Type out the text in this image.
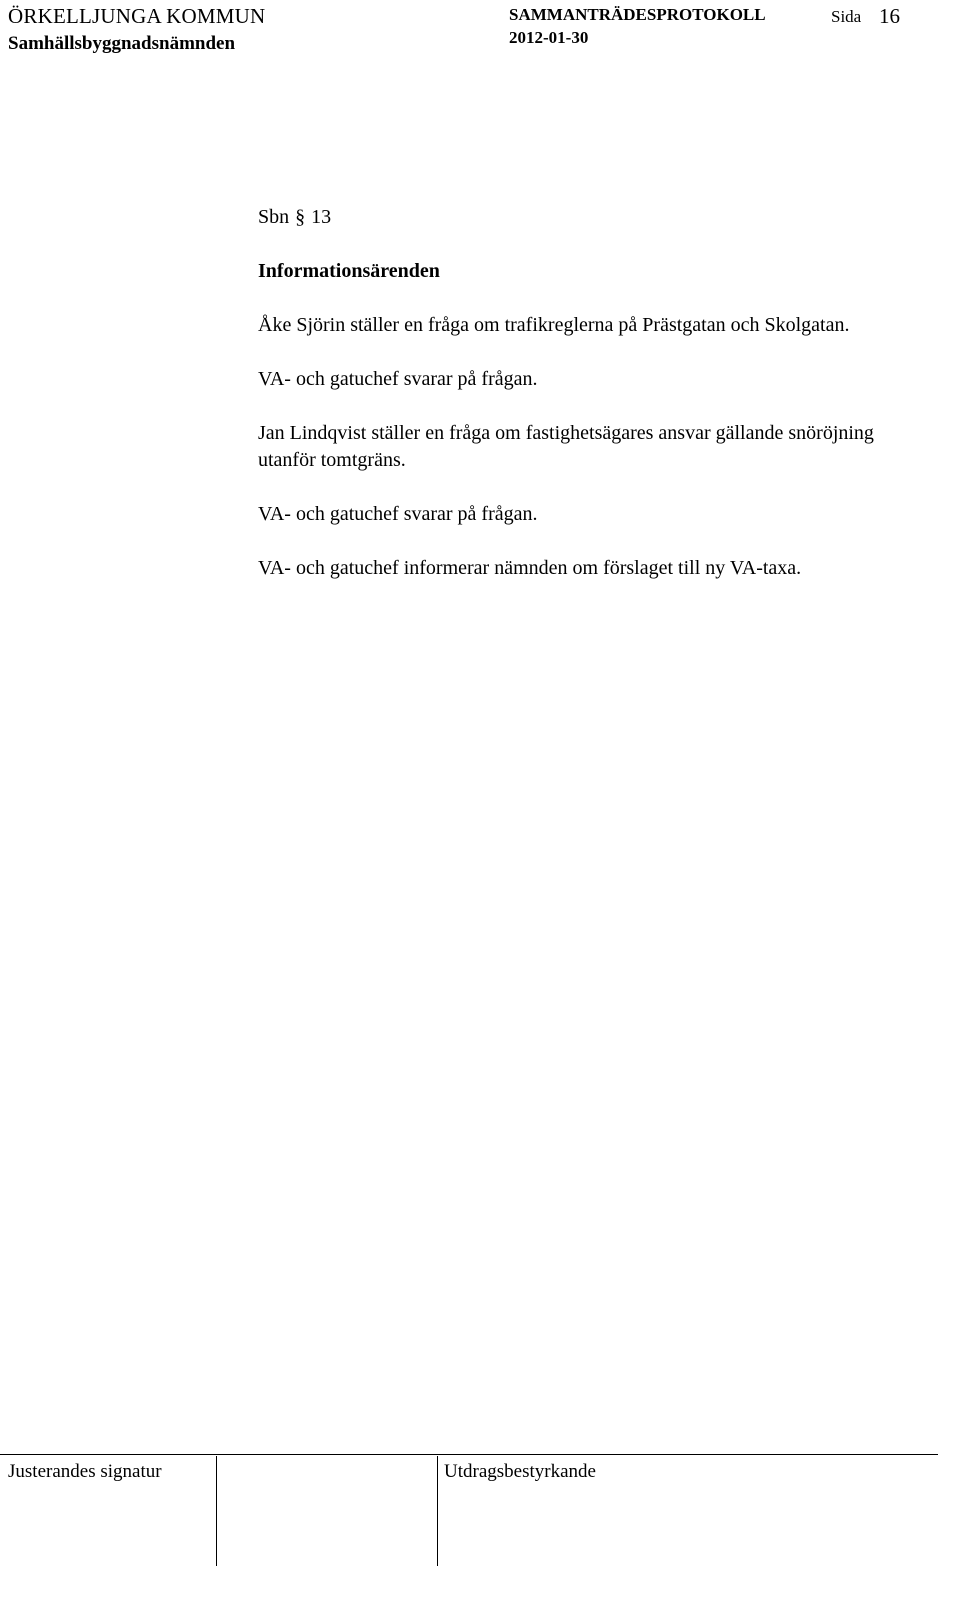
ÖRKELLJUNGA KOMMUN
Samhällsbyggnadsnämnden
SAMMANTRÄDESPROTOKOLL
2012-01-30
Sida 16

Sbn § 13

Informationsärenden

Åke Sjörin ställer en fråga om trafikreglerna på Prästgatan och Skolgatan.

VA- och gatuchef svarar på frågan.

Jan Lindqvist ställer en fråga om fastighetsägares ansvar gällande snöröjning utanför tomtgräns.

VA- och gatuchef svarar på frågan.

VA- och gatuchef informerar nämnden om förslaget till ny VA-taxa.

Justerandes signatur	Utdragsbestyrkande
